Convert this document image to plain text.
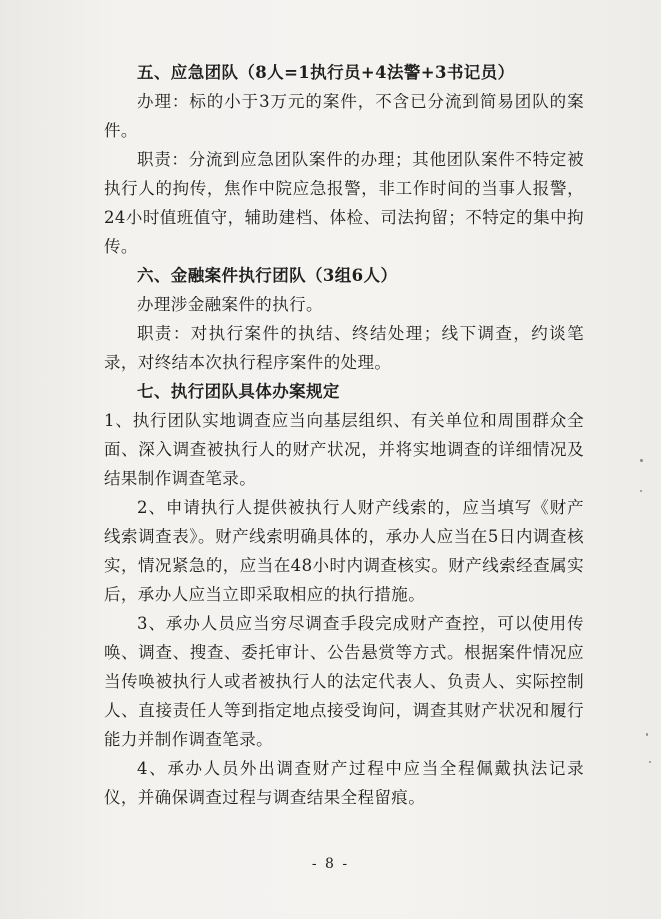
五、应急团队（8人=1执行员+4法警+3书记员）

办理：标的小于3万元的案件，不含已分流到简易团队的案件。

职责：分流到应急团队案件的办理；其他团队案件不特定被执行人的拘传，焦作中院应急报警，非工作时间的当事人报警，24小时值班值守，辅助建档、体检、司法拘留；不特定的集中拘传。

六、金融案件执行团队（3组6人）

办理涉金融案件的执行。

职责：对执行案件的执结、终结处理；线下调查，约谈笔录，对终结本次执行程序案件的处理。

七、执行团队具体办案规定

1、执行团队实地调查应当向基层组织、有关单位和周围群众全面、深入调查被执行人的财产状况，并将实地调查的详细情况及结果制作调查笔录。

2、申请执行人提供被执行人财产线索的，应当填写《财产线索调查表》。财产线索明确具体的，承办人应当在5日内调查核实，情况紧急的，应当在48小时内调查核实。财产线索经查属实后，承办人应当立即采取相应的执行措施。

3、承办人员应当穷尽调查手段完成财产查控，可以使用传唤、调查、搜查、委托审计、公告悬赏等方式。根据案件情况应当传唤被执行人或者被执行人的法定代表人、负责人、实际控制人、直接责任人等到指定地点接受询问，调查其财产状况和履行能力并制作调查笔录。

4、承办人员外出调查财产过程中应当全程佩戴执法记录仪，并确保调查过程与调查结果全程留痕。

- 8 -
